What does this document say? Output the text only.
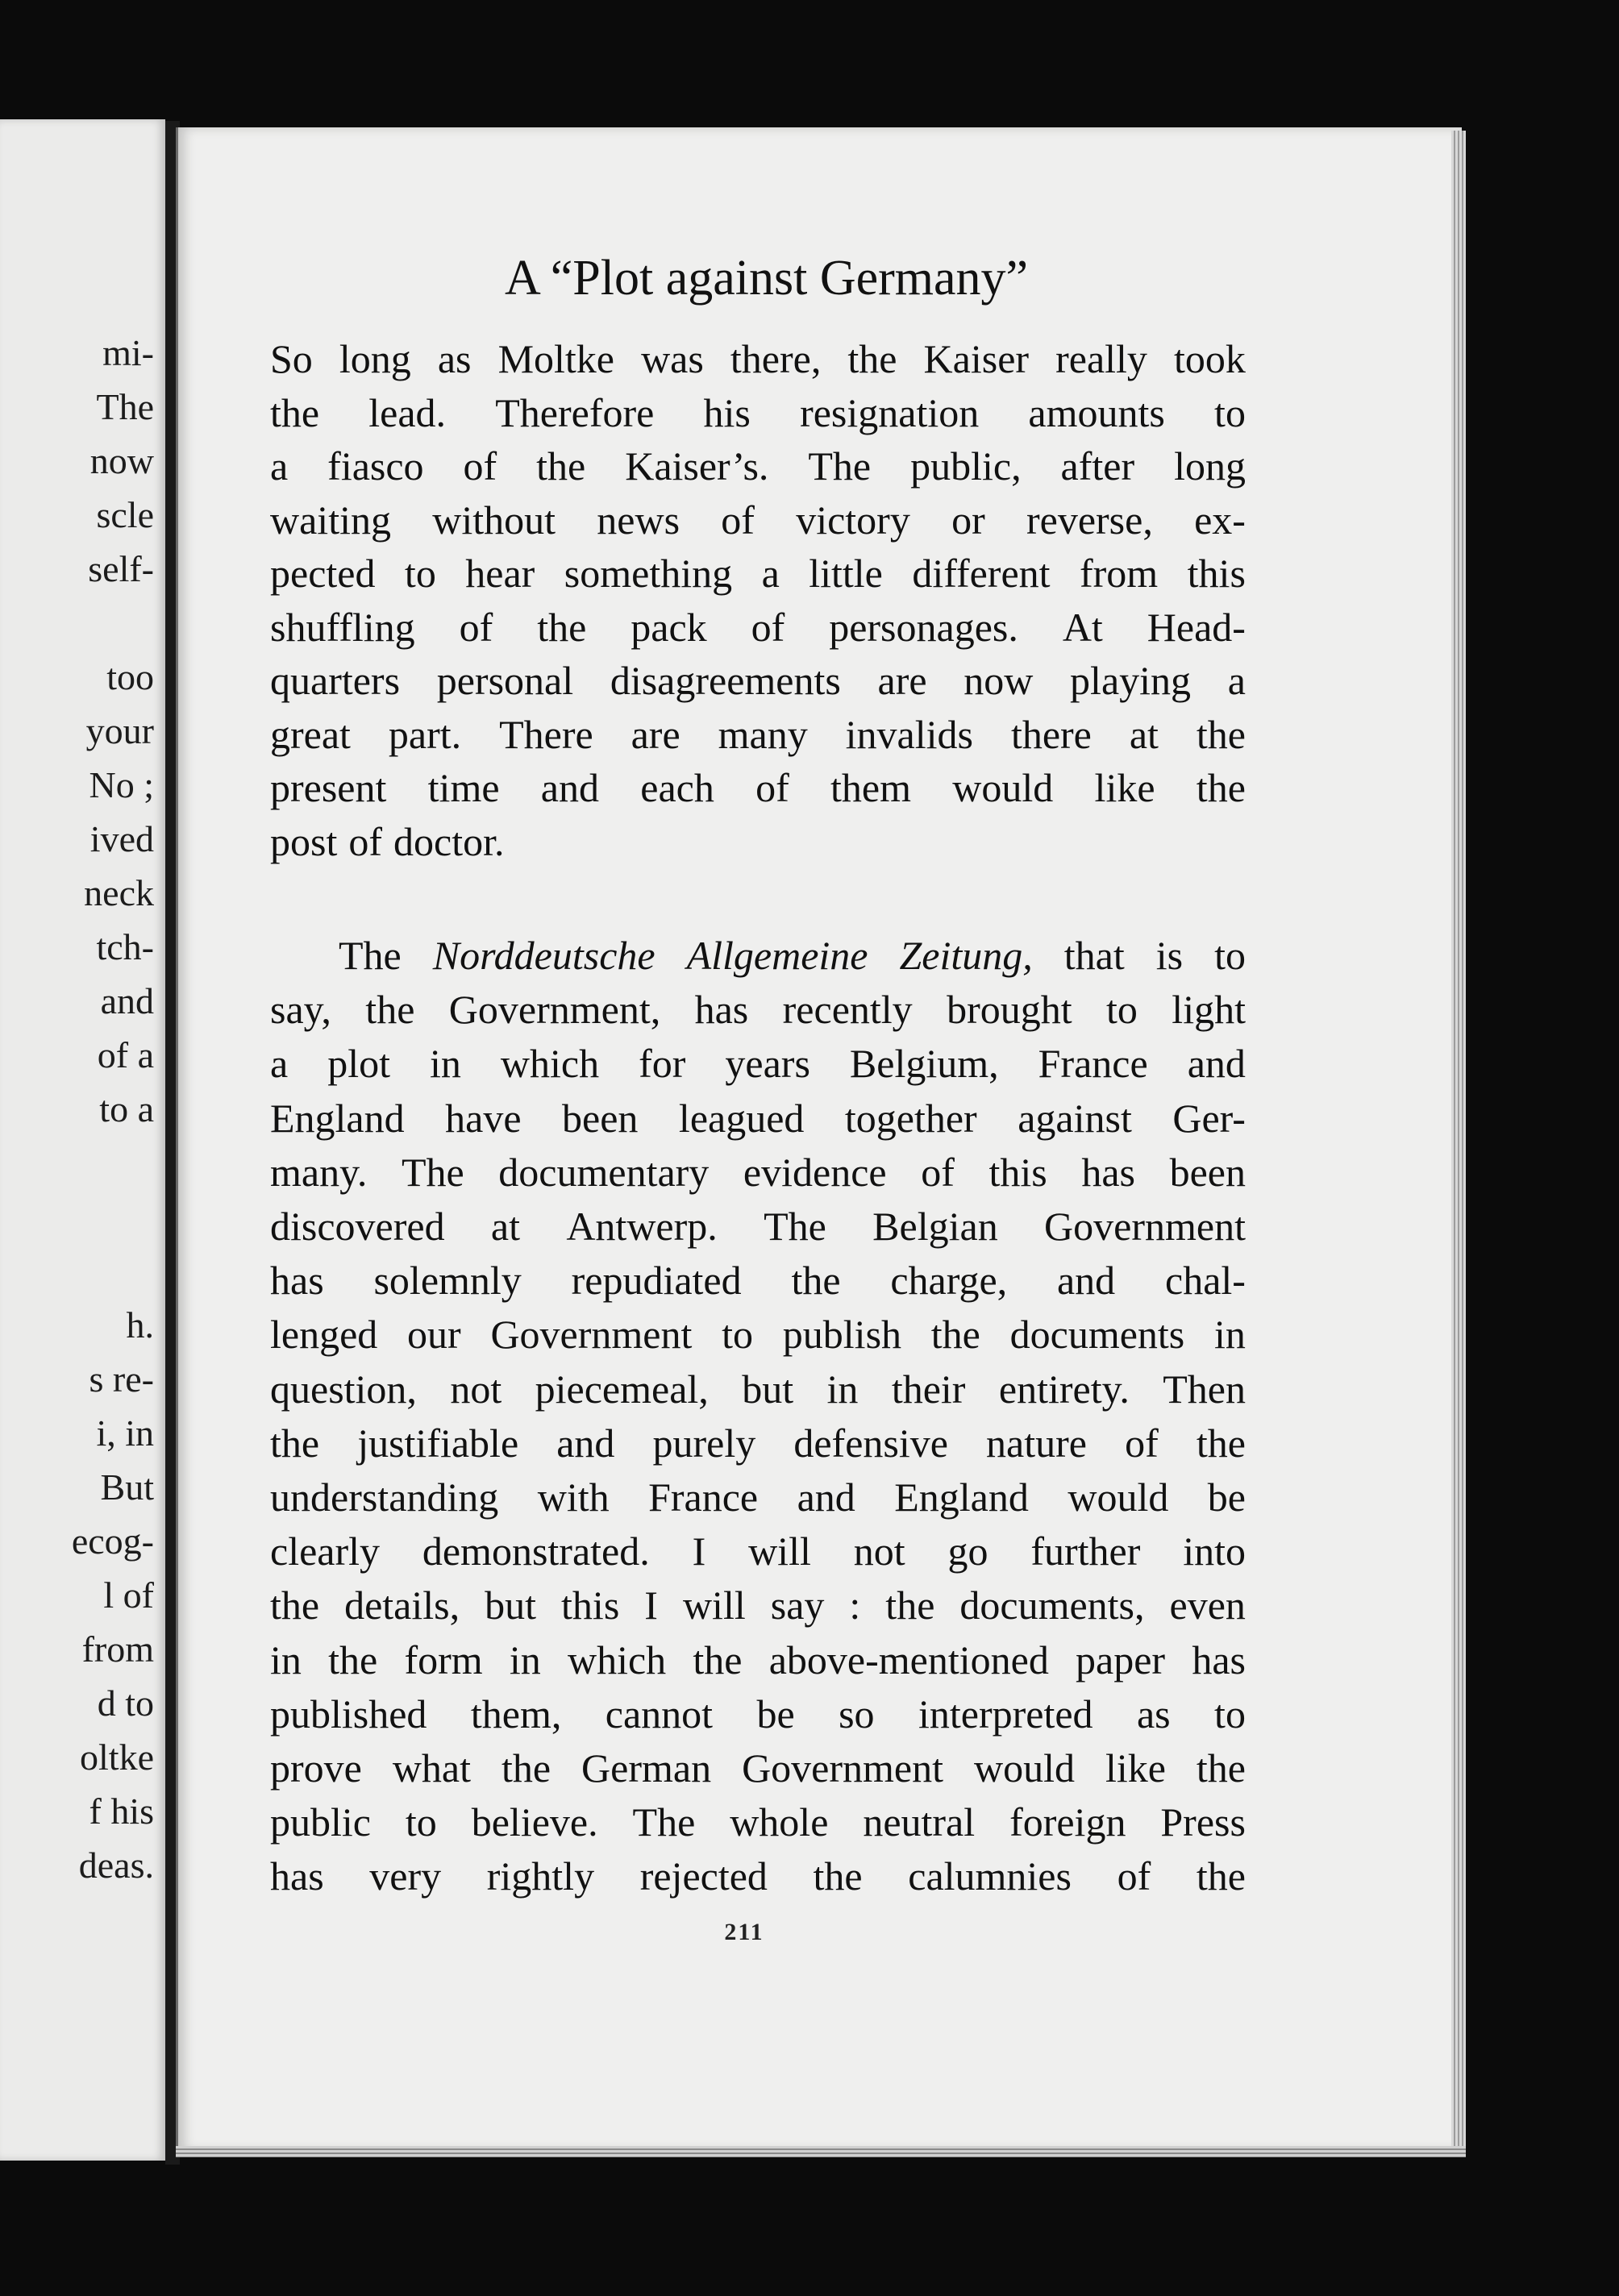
mi-
The
now
scle
self-
too
your
No ;
ived
neck
tch-
and
of a
to a
h.
s re-
i, in
But
ecog-
l of
from
d to
oltke
f his
deas.
A “Plot against Germany”
So long as Moltke was there, the Kaiser really took
the lead. Therefore his resignation amounts to
a fiasco of the Kaiser’s. The public, after long
waiting without news of victory or reverse, ex-
pected to hear something a little different from this
shuffling of the pack of personages. At Head-
quarters personal disagreements are now playing a
great part. There are many invalids there at the
present time and each of them would like the
post of doctor.
The Norddeutsche Allgemeine Zeitung, that is to
say, the Government, has recently brought to light
a plot in which for years Belgium, France and
England have been leagued together against Ger-
many. The documentary evidence of this has been
discovered at Antwerp. The Belgian Government
has solemnly repudiated the charge, and chal-
lenged our Government to publish the documents in
question, not piecemeal, but in their entirety. Then
the justifiable and purely defensive nature of the
understanding with France and England would be
clearly demonstrated. I will not go further into
the details, but this I will say : the documents, even
in the form in which the above-mentioned paper has
published them, cannot be so interpreted as to
prove what the German Government would like the
public to believe. The whole neutral foreign Press
has very rightly rejected the calumnies of the
211
